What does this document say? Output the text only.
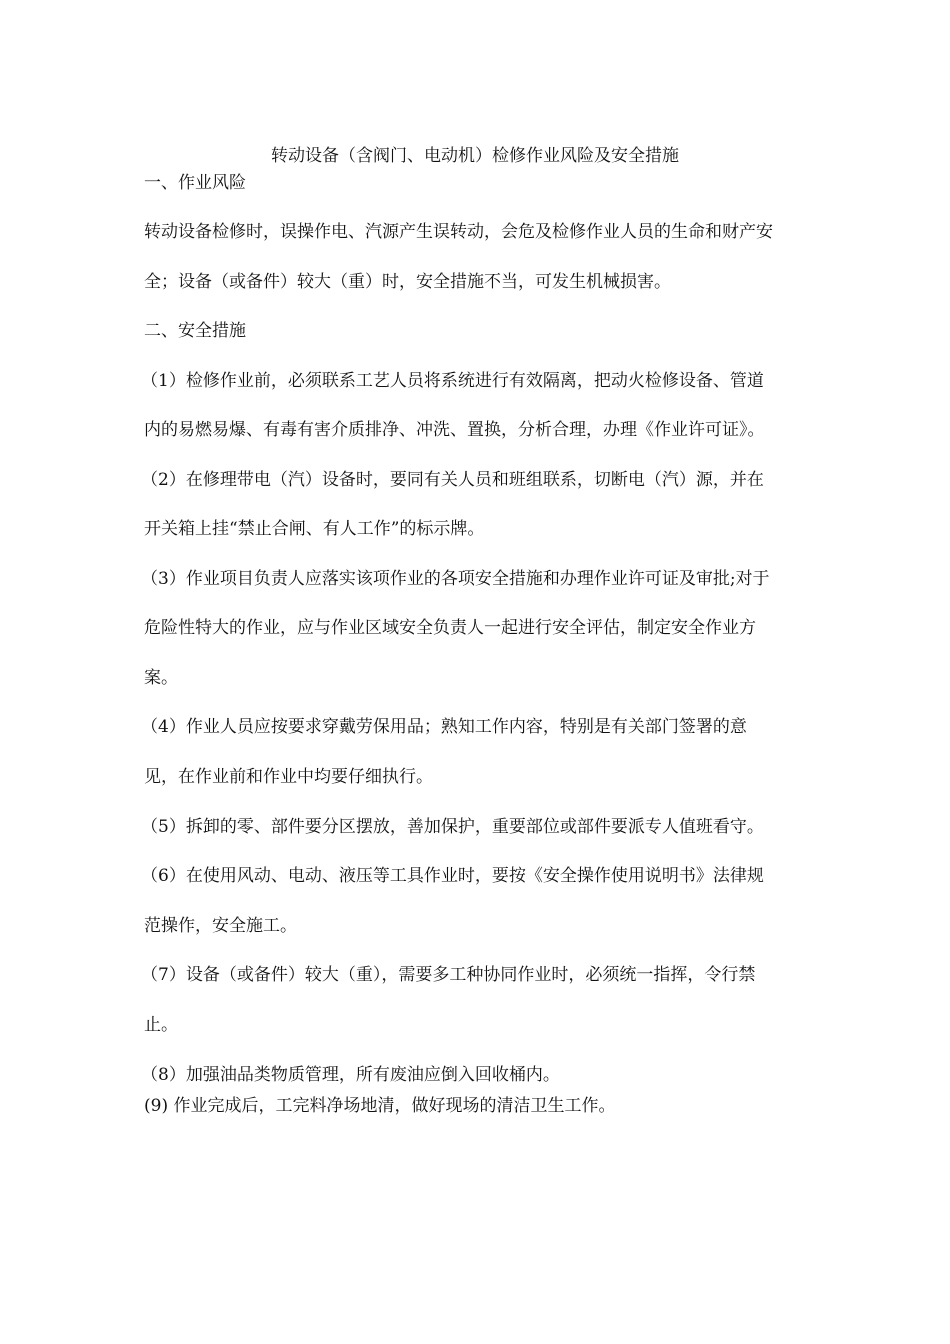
转动设备（含阀门、电动机）检修作业风险及安全措施

一、作业风险

转动设备检修时，误操作电、汽源产生误转动，会危及检修作业人员的生命和财产安

全；设备（或备件）较大（重）时，安全措施不当，可发生机械损害。

二、安全措施

（1）检修作业前，必须联系工艺人员将系统进行有效隔离，把动火检修设备、管道

内的易燃易爆、有毒有害介质排净、冲洗、置换，分析合理，办理《作业许可证》。

（2）在修理带电（汽）设备时，要同有关人员和班组联系，切断电（汽）源，并在

开关箱上挂“禁止合闸、有人工作”的标示牌。

（3）作业项目负责人应落实该项作业的各项安全措施和办理作业许可证及审批;对于

危险性特大的作业，应与作业区域安全负责人一起进行安全评估，制定安全作业方

案。

（4）作业人员应按要求穿戴劳保用品；熟知工作内容，特别是有关部门签署的意

见，在作业前和作业中均要仔细执行。

（5）拆卸的零、部件要分区摆放，善加保护，重要部位或部件要派专人值班看守。

（6）在使用风动、电动、液压等工具作业时，要按《安全操作使用说明书》法律规

范操作，安全施工。

（7）设备（或备件）较大（重），需要多工种协同作业时，必须统一指挥，令行禁

止。

（8）加强油品类物质管理，所有废油应倒入回收桶内。

(9) 作业完成后，工完料净场地清，做好现场的清洁卫生工作。
